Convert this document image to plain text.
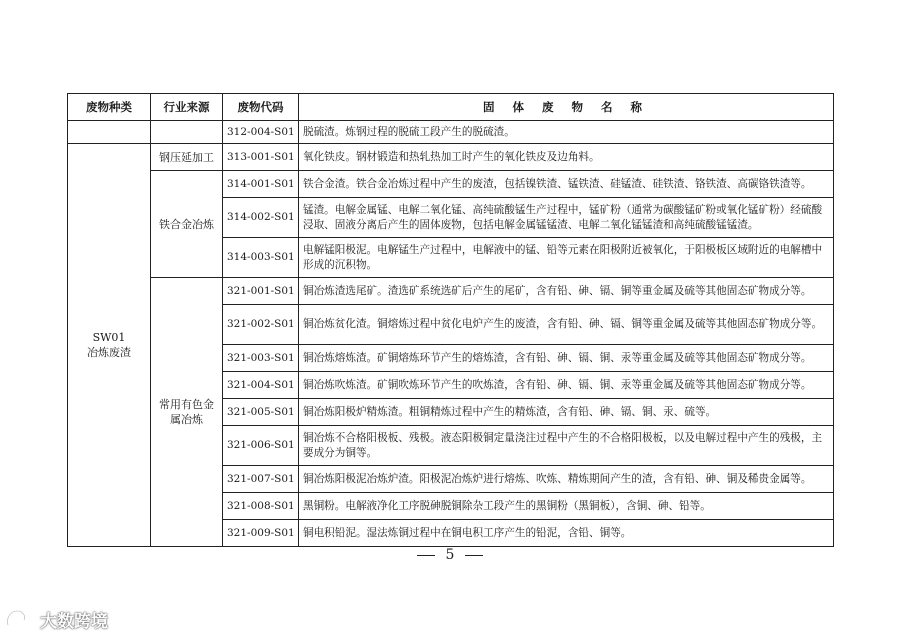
废物种类	行业来源	废物代码	固 体 废 物 名 称
		312-004-S01	脱硫渣。炼钢过程的脱硫工段产生的脱硫渣。

SW01
冶炼废渣	钢压延加工	313-001-S01	氧化铁皮。钢材锻造和热轧热加工时产生的氧化铁皮及边角料。
	铁合金冶炼	314-001-S01	铁合金渣。铁合金冶炼过程中产生的废渣，包括镍铁渣、锰铁渣、硅锰渣、硅铁渣、铬铁渣、高碳铬铁渣等。
		314-002-S01	锰渣。电解金属锰、电解二氧化锰、高纯硫酸锰生产过程中，锰矿粉（通常为碳酸锰矿粉或氧化锰矿粉）经硫酸浸取、固液分离后产生的固体废物，包括电解金属锰锰渣、电解二氧化锰锰渣和高纯硫酸锰锰渣。
		314-003-S01	电解锰阳极泥。电解锰生产过程中，电解液中的锰、铅等元素在阳极附近被氧化，于阳极板区域附近的电解槽中形成的沉积物。
	常用有色金属冶炼	321-001-S01	铜冶炼渣选尾矿。渣选矿系统选矿后产生的尾矿，含有铅、砷、镉、铜等重金属及硫等其他固态矿物成分等。
		321-002-S01	铜冶炼贫化渣。铜熔炼过程中贫化电炉产生的废渣，含有铅、砷、镉、铜等重金属及硫等其他固态矿物成分等。
		321-003-S01	铜冶炼熔炼渣。矿铜熔炼环节产生的熔炼渣，含有铅、砷、镉、铜、汞等重金属及硫等其他固态矿物成分等。
		321-004-S01	铜冶炼吹炼渣。矿铜吹炼环节产生的吹炼渣，含有铅、砷、镉、铜、汞等重金属及硫等其他固态矿物成分等。
		321-005-S01	铜冶炼阳极炉精炼渣。粗铜精炼过程中产生的精炼渣，含有铅、砷、镉、铜、汞、硫等。
		321-006-S01	铜冶炼不合格阳极板、残极。液态阳极铜定量浇注过程中产生的不合格阳极板，以及电解过程中产生的残极，主要成分为铜等。
		321-007-S01	铜冶炼阳极泥冶炼炉渣。阳极泥冶炼炉进行熔炼、吹炼、精炼期间产生的渣，含有铅、砷、铜及稀贵金属等。
		321-008-S01	黑铜粉。电解液净化工序脱砷脱铜除杂工段产生的黑铜粉（黑铜板），含铜、砷、铅等。
		321-009-S01	铜电积铅泥。湿法炼铜过程中在铜电积工序产生的铅泥，含铅、铜等。
5
大数跨境
